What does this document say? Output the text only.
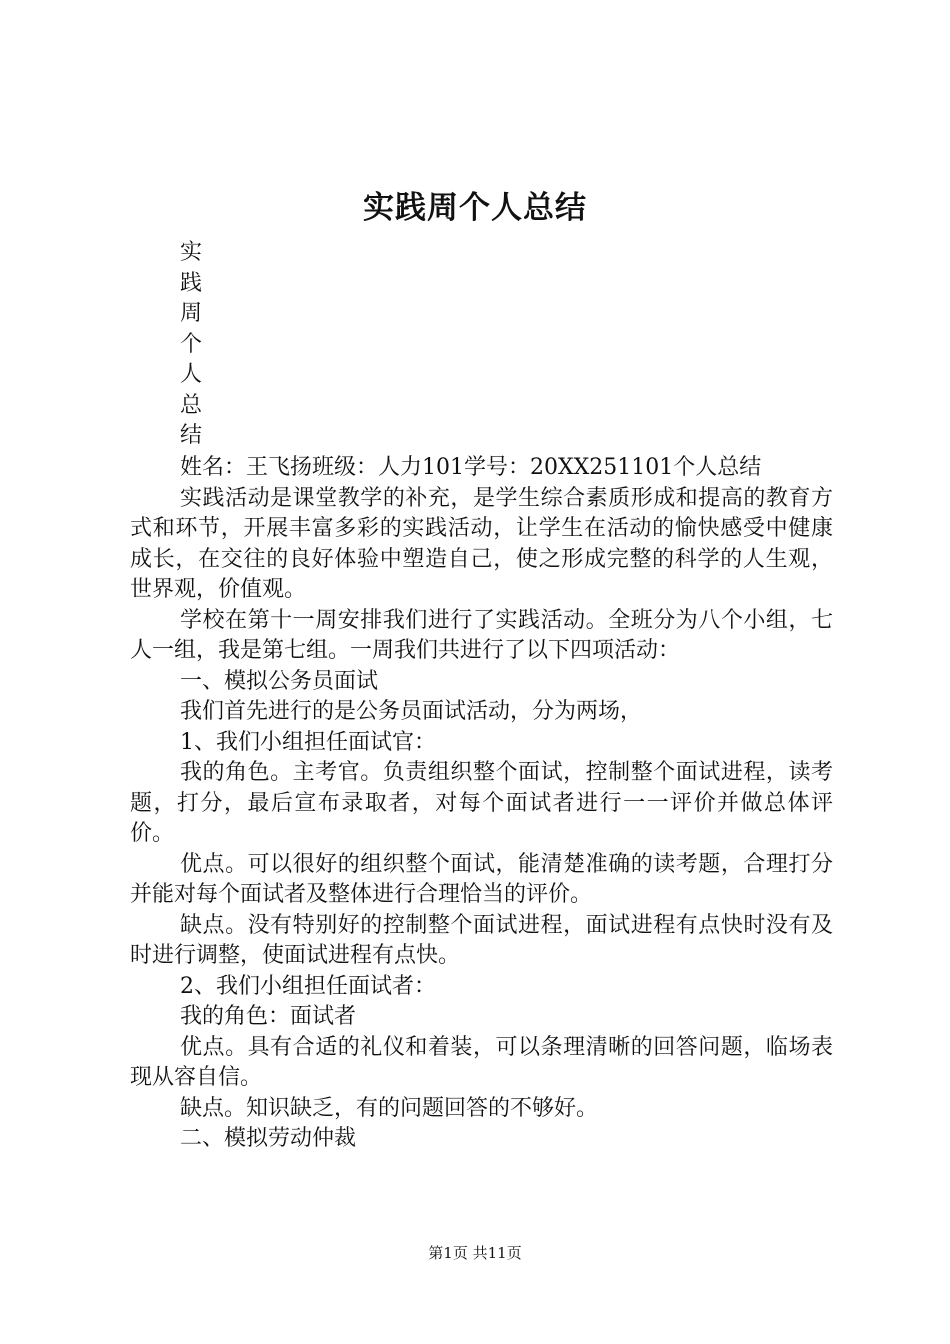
实践周个人总结
实
践
周
个
人
总
结

姓名：王飞扬班级：人力101学号：20XX251101个人总结

实践活动是课堂教学的补充，是学生综合素质形成和提高的教育方式和环节，开展丰富多彩的实践活动，让学生在活动的愉快感受中健康成长，在交往的良好体验中塑造自己，使之形成完整的科学的人生观，世界观，价值观。

学校在第十一周安排我们进行了实践活动。全班分为八个小组，七人一组，我是第七组。一周我们共进行了以下四项活动：

一、模拟公务员面试

我们首先进行的是公务员面试活动，分为两场，

1、我们小组担任面试官：

我的角色。主考官。负责组织整个面试，控制整个面试进程，读考题，打分，最后宣布录取者，对每个面试者进行一一评价并做总体评价。

优点。可以很好的组织整个面试，能清楚准确的读考题，合理打分并能对每个面试者及整体进行合理恰当的评价。

缺点。没有特别好的控制整个面试进程，面试进程有点快时没有及时进行调整，使面试进程有点快。

2、我们小组担任面试者：

我的角色：面试者

优点。具有合适的礼仪和着装，可以条理清晰的回答问题，临场表现从容自信。

缺点。知识缺乏，有的问题回答的不够好。

二、模拟劳动仲裁

第1页 共11页
